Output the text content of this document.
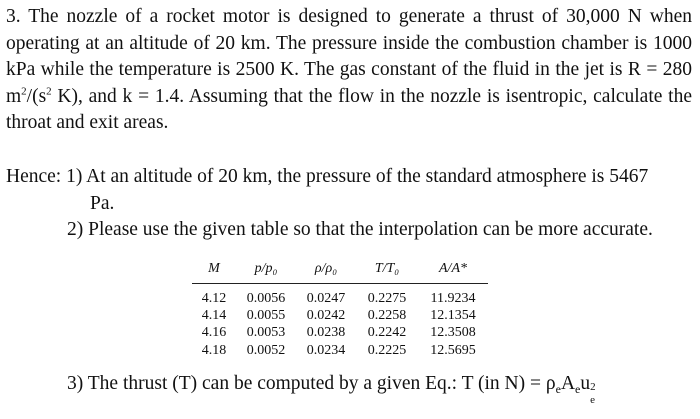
3. The nozzle of a rocket motor is designed to generate a thrust of 30,000 N when operating at an altitude of 20 km. The pressure inside the combustion chamber is 1000 kPa while the temperature is 2500 K. The gas constant of the fluid in the jet is R = 280 $m^2/(s^2$ K), and k = 1.4. Assuming that the flow in the nozzle is isentropic, calculate the throat and exit areas.
Hence: 1) At an altitude of 20 km, the pressure of the standard atmosphere is 5467
Pa.
2) Please use the given table so that the interpolation can be more accurate.
M	p/p₀	ρ/ρ₀	T/T₀	A/A*
4.12	0.0056	0.0247	0.2275	11.9234
4.14	0.0055	0.0242	0.2258	12.1354
4.16	0.0053	0.0238	0.2242	12.3508
4.18	0.0052	0.0234	0.2225	12.5695
3) The thrust (T) can be computed by a given Eq.: T (in $N) = \rho_eA_eu$ 2
e
